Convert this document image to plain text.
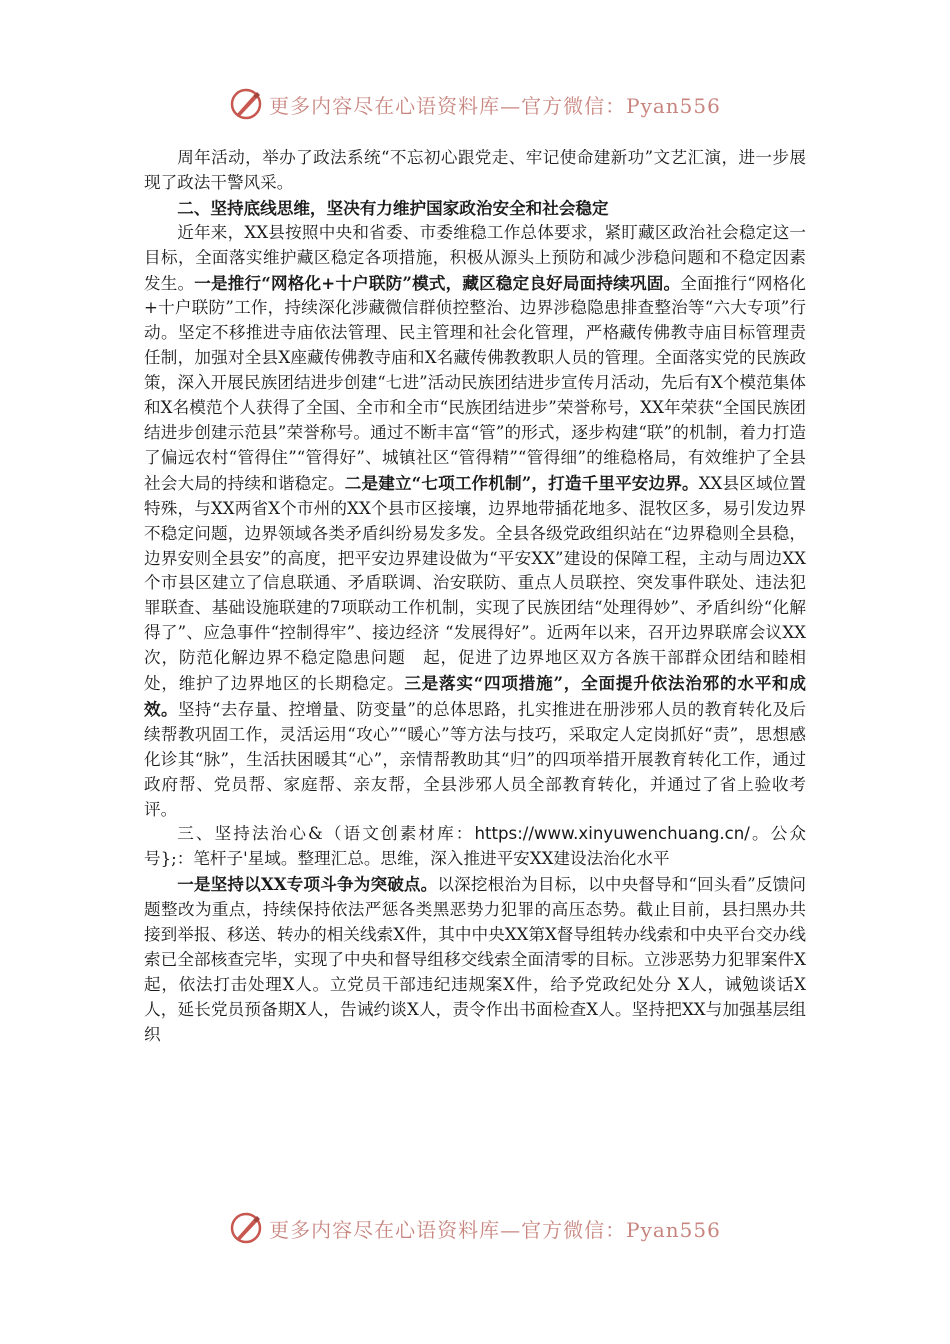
更多内容尽在心语资料库—官方微信：Pyan556

周年活动，举办了政法系统“不忘初心跟党走、牢记使命建新功”文艺汇演，进一步展现了政法干警风采。

二、坚持底线思维，坚决有力维护国家政治安全和社会稳定

近年来，XX县按照中央和省委、市委维稳工作总体要求，紧盯藏区政治社会稳定这一目标，全面落实维护藏区稳定各项措施，积极从源头上预防和减少涉稳问题和不稳定因素发生。一是推行“网格化+十户联防”模式，藏区稳定良好局面持续巩固。全面推行“网格化+十户联防”工作，持续深化涉藏微信群侦控整治、边界涉稳隐患排查整治等“六大专项”行动。坚定不移推进寺庙依法管理、民主管理和社会化管理，严格藏传佛教寺庙目标管理责任制，加强对全县X座藏传佛教寺庙和X名藏传佛教教职人员的管理。全面落实党的民族政策，深入开展民族团结进步创建“七进”活动民族团结进步宣传月活动，先后有X个模范集体和X名模范个人获得了全国、全市和全市“民族团结进步”荣誉称号，XX年荣获“全国民族团结进步创建示范县”荣誉称号。通过不断丰富“管”的形式，逐步构建“联”的机制，着力打造了偏远农村“管得住”“管得好”、城镇社区“管得精”“管得细”的维稳格局，有效维护了全县社会大局的持续和谐稳定。二是建立“七项工作机制”，打造千里平安边界。XX县区域位置特殊，与XX两省X个市州的XX个县市区接壤，边界地带插花地多、混牧区多，易引发边界不稳定问题，边界领域各类矛盾纠纷易发多发。全县各级党政组织站在“边界稳则全县稳，边界安则全县安”的高度，把平安边界建设做为“平安XX”建设的保障工程，主动与周边XX个市县区建立了信息联通、矛盾联调、治安联防、重点人员联控、突发事件联处、违法犯罪联查、基础设施联建的7项联动工作机制，实现了民族团结“处理得妙”、矛盾纠纷“化解得了”、应急事件“控制得牢”、接边经济 “发展得好”。近两年以来，召开边界联席会议XX次，防范化解边界不稳定隐患问题　起，促进了边界地区双方各族干部群众团结和睦相处，维护了边界地区的长期稳定。三是落实“四项措施”，全面提升依法治邪的水平和成效。坚持“去存量、控增量、防变量”的总体思路，扎实推进在册涉邪人员的教育转化及后续帮教巩固工作，灵活运用“攻心”“暖心”等方法与技巧，采取定人定岗抓好“责”，思想感化诊其“脉”，生活扶困暖其“心”，亲情帮教助其“归”的四项举措开展教育转化工作，通过政府帮、党员帮、家庭帮、亲友帮，全县涉邪人员全部教育转化，并通过了省上验收考评。

三、坚持法治心&（语文创素材库：https://www.xinyuwenchuang.cn/。公众号};：笔杆子'星域。整理汇总。思维，深入推进平安XX建设法治化水平

一是坚持以XX专项斗争为突破点。以深挖根治为目标，以中央督导和“回头看”反馈问题整改为重点，持续保持依法严惩各类黑恶势力犯罪的高压态势。截止目前，县扫黑办共接到举报、移送、转办的相关线索X件，其中中央XX第X督导组转办线索和中央平台交办线索已全部核查完毕，实现了中央和督导组移交线索全面清零的目标。立涉恶势力犯罪案件X起，依法打击处理X人。立党员干部违纪违规案X件，给予党政纪处分 X人，诫勉谈话X人，延长党员预备期X人，告诫约谈X人，责令作出书面检查X人。坚持把XX与加强基层组织

更多内容尽在心语资料库—官方微信：Pyan556
